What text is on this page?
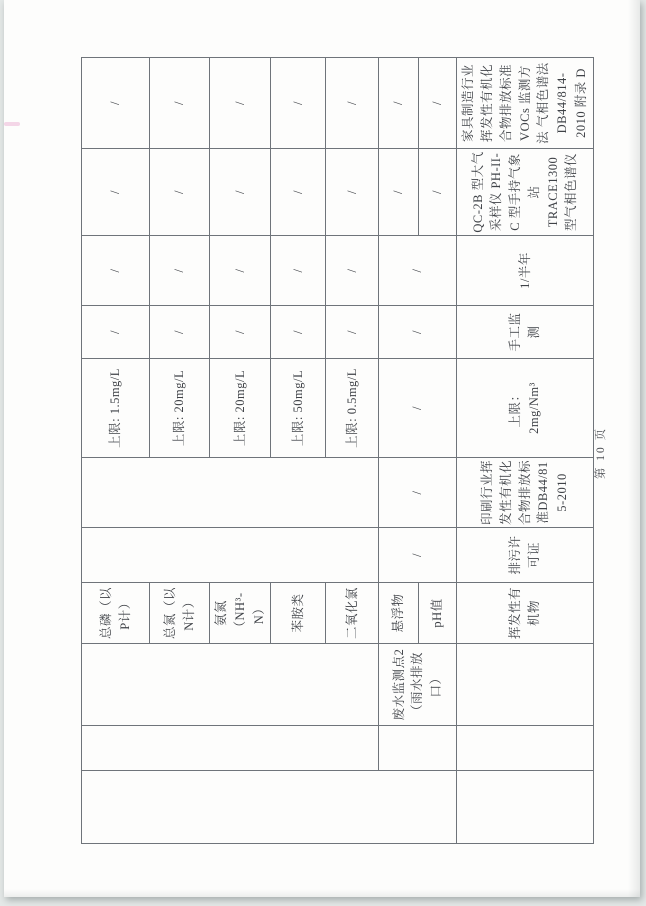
			总磷（以P计）			上限: 1.5mg/L	/	/	/	/
			总氮（以N计）			上限: 20mg/L	/	/	/	/
			氨氮（NH³-N）			上限: 20mg/L	/	/	/	/
			苯胺类			上限: 50mg/L	/	/	/	/
			二氧化氯			上限: 0.5mg/L	/	/	/	/
		废水监测点2（雨水排放口）	悬浮物	/	/	/	/	/	/	/
			pH值						/	/
			挥发性有机物	排污许可证	印刷行业挥发性有机化合物排放标准DB44/815-2010	上限： 2mg/Nm³	手工监测	1/半年	QC-2B 型大气采样仪 PH-II-C 型手持气象站 TRACE1300 型气相色谱仪	家具制造行业挥发性有机化合物排放标准 VOCs 监测方法 气相色谱法 DB44/814-2010 附录 D
第 10 页
